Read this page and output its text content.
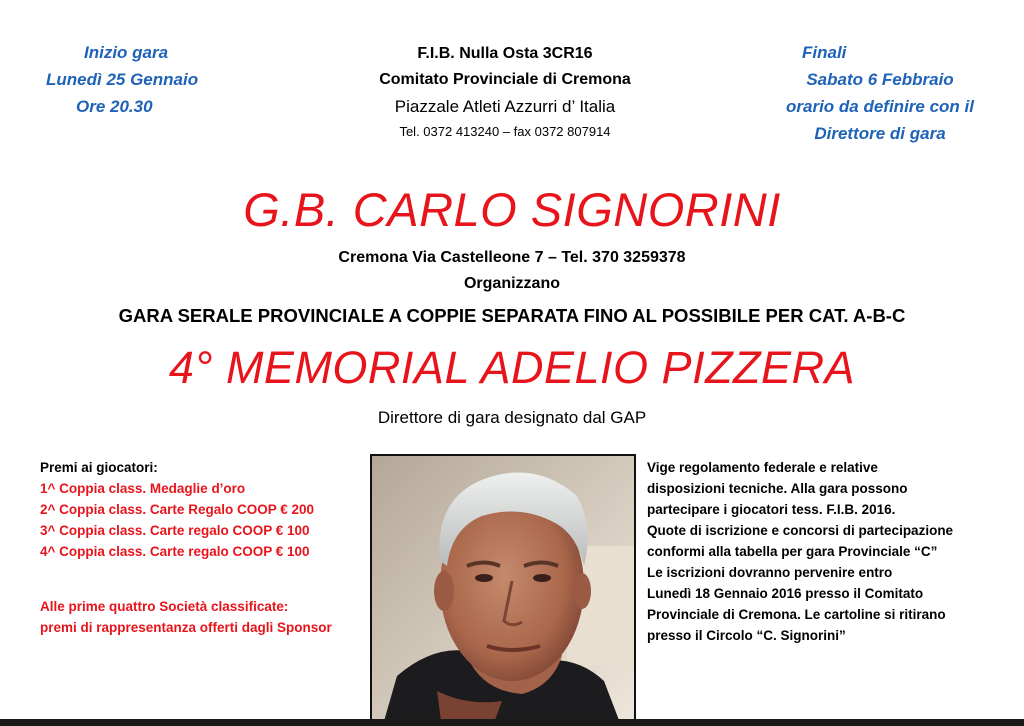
Inizio gara
Lunedì 25 Gennaio
Ore 20.30
F.I.B. Nulla Osta 3CR16
Comitato Provinciale di Cremona
Piazzale Atleti Azzurri d’ Italia
Tel. 0372 413240 – fax 0372 807914
Finali
Sabato 6 Febbraio
orario da definire con il
Direttore di gara
G.B. CARLO SIGNORINI
Cremona Via Castelleone 7 – Tel. 370 3259378
Organizzano
GARA SERALE PROVINCIALE A COPPIE SEPARATA FINO AL POSSIBILE PER CAT. A-B-C
4° MEMORIAL ADELIO PIZZERA
Direttore di gara designato dal GAP
Premi ai giocatori:
1^ Coppia class. Medaglie d’oro
2^ Coppia class. Carte Regalo COOP € 200
3^ Coppia class. Carte regalo COOP € 100
4^ Coppia class. Carte regalo COOP € 100
Alle prime quattro Società classificate:
premi di rappresentanza offerti dagli Sponsor
Vige regolamento federale e relative
disposizioni tecniche. Alla gara possono
partecipare i giocatori tess. F.I.B. 2016.
Quote di iscrizione e concorsi di partecipazione
conformi alla tabella per gara Provinciale “C”
Le iscrizioni dovranno pervenire entro
Lunedì 18 Gennaio 2016 presso il Comitato
Provinciale di Cremona. Le cartoline si ritirano
presso il Circolo “C. Signorini”
